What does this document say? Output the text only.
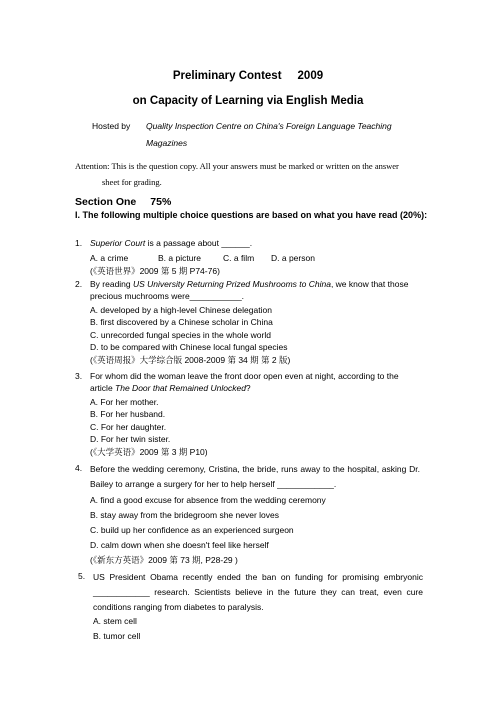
Preliminary Contest 2009
on Capacity of Learning via English Media
Hosted by Quality Inspection Centre on China's Foreign Language Teaching Magazines
Attention: This is the question copy. All your answers must be marked or written on the answer
sheet for grading.
Section One 75%
I. The following multiple choice questions are based on what you have read (20%):
1. Superior Court is a passage about ______.
A. a crime	B. a picture	C. a film D. a person
(《英语世界》2009 第 5 期 P74-76)
2. By reading US University Returning Prized Mushrooms to China, we know that those precious muchrooms were___________.
A. developed by a high-level Chinese delegation
B. first discovered by a Chinese scholar in China
C. unrecorded fungal species in the whole world
D. to be compared with Chinese local fungal species
(《英语周报》大学综合版 2008-2009 第 34 期 第 2 版)
3. For whom did the woman leave the front door open even at night, according to the article The Door that Remained Unlocked?
A. For her mother.
B. For her husband.
C. For her daughter.
D. For her twin sister.
(《大学英语》2009 第 3 期 P10)
4. Before the wedding ceremony, Cristina, the bride, runs away to the hospital, asking Dr. Bailey to arrange a surgery for her to help herself ____________.
A. find a good excuse for absence from the wedding ceremony
B. stay away from the bridegroom she never loves
C. build up her confidence as an experienced surgeon
D. calm down when she doesn't feel like herself
(《新东方英语》2009 第 73 期, P28-29 )
5. US President Obama recently ended the ban on funding for promising embryonic ____________ research. Scientists believe in the future they can treat, even cure conditions ranging from diabetes to paralysis.
A. stem cell
B. tumor cell
